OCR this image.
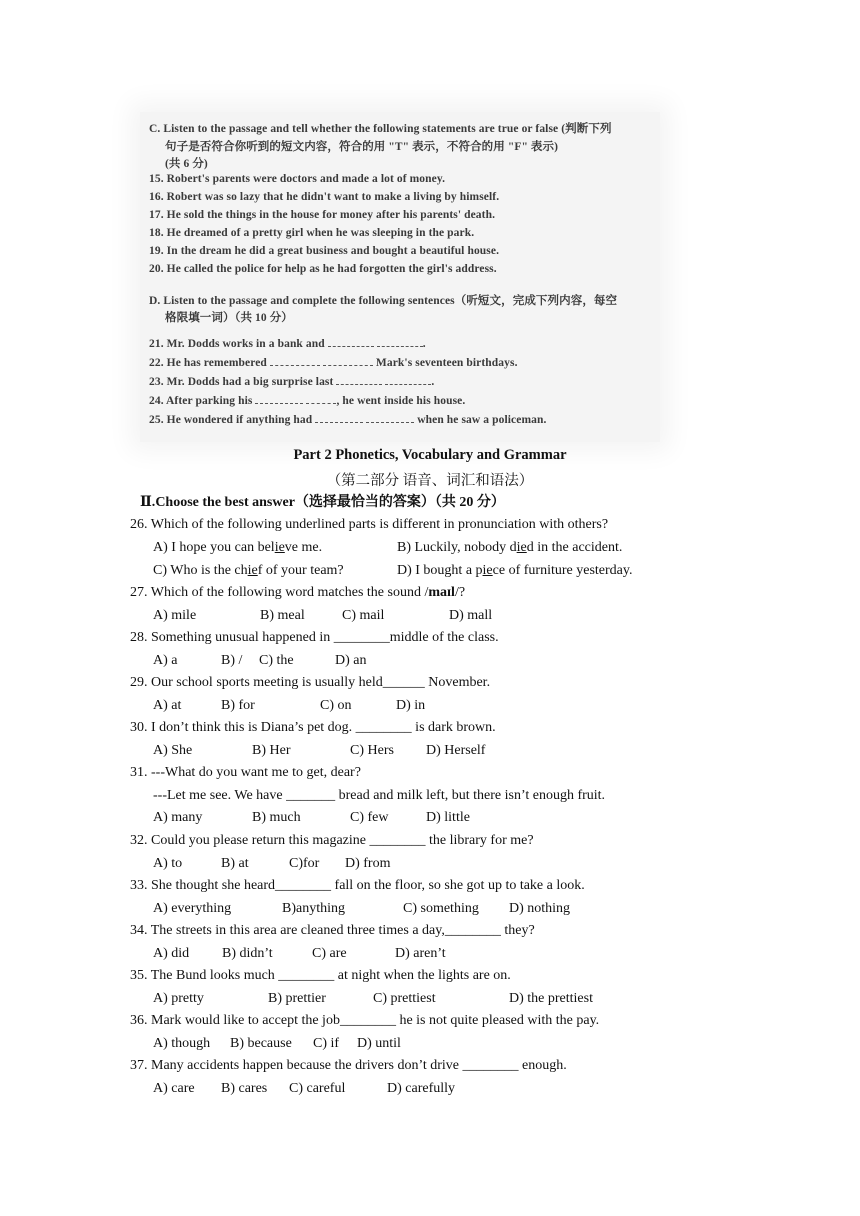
C. Listen to the passage and tell whether the following statements are true or false (判断下列
句子是否符合你听到的短文内容，符合的用 "T" 表示，不符合的用 "F" 表示)
(共 6 分)
15. Robert's parents were doctors and made a lot of money.
16. Robert was so lazy that he didn't want to make a living by himself.
17. He sold the things in the house for money after his parents' death.
18. He dreamed of a pretty girl when he was sleeping in the park.
19. In the dream he did a great business and bought a beautiful house.
20. He called the police for help as he had forgotten the girl's address.
D. Listen to the passage and complete the following sentences（听短文，完成下列内容，每空
格限填一词）（共 10 分）
21. Mr. Dodds works in a bank and	.
22. He has remembered	Mark's seventeen birthdays.
23. Mr. Dodds had a big surprise last	.
24. After parking his	, he went inside his house.
25. He wondered if anything had	when he saw a policeman.
Part 2 Phonetics, Vocabulary and Grammar
（第二部分 语音、词汇和语法）
Ⅱ.Choose the best answer（选择最恰当的答案）（共 20 分）
26. Which of the following underlined parts is different in pronunciation with others?
A) I hope you can believe me.	B) Luckily, nobody died in the accident.
C) Who is the chief of your team?	D) I bought a piece of furniture yesterday.
27. Which of the following word matches the sound /maɪl/?
A) mile	B) meal	C) mail	D) mall
28. Something unusual happened in ________middle of the class.
A) a	B) / C) the	D) an
29. Our school sports meeting is usually held______ November.
A) at	B) for	C) on	D) in
30. I don’t think this is Diana’s pet dog. ________ is dark brown.
A) She	B) Her	C) Hers D) Herself
31. ---What do you want me to get, dear?
---Let me see. We have _______ bread and milk left, but there isn’t enough fruit.
A) many	B) much	C) few	D) little
32. Could you please return this magazine ________ the library for me?
A) to	B) at	C)for D) from
33. She thought she heard________ fall on the floor, so she got up to take a look.
A) everything	B)anything	C) something D) nothing
34. The streets in this area are cleaned three times a day,________ they?
A) did B) didn’t	C) are	D) aren’t
35. The Bund looks much ________ at night when the lights are on.
A) pretty	B) prettier	C) prettiest	D) the prettiest
36. Mark would like to accept the job________ he is not quite pleased with the pay.
A) though B) because C) if D) until
37. Many accidents happen because the drivers don’t drive ________ enough.
A) care B) cares C) careful	D) carefully
